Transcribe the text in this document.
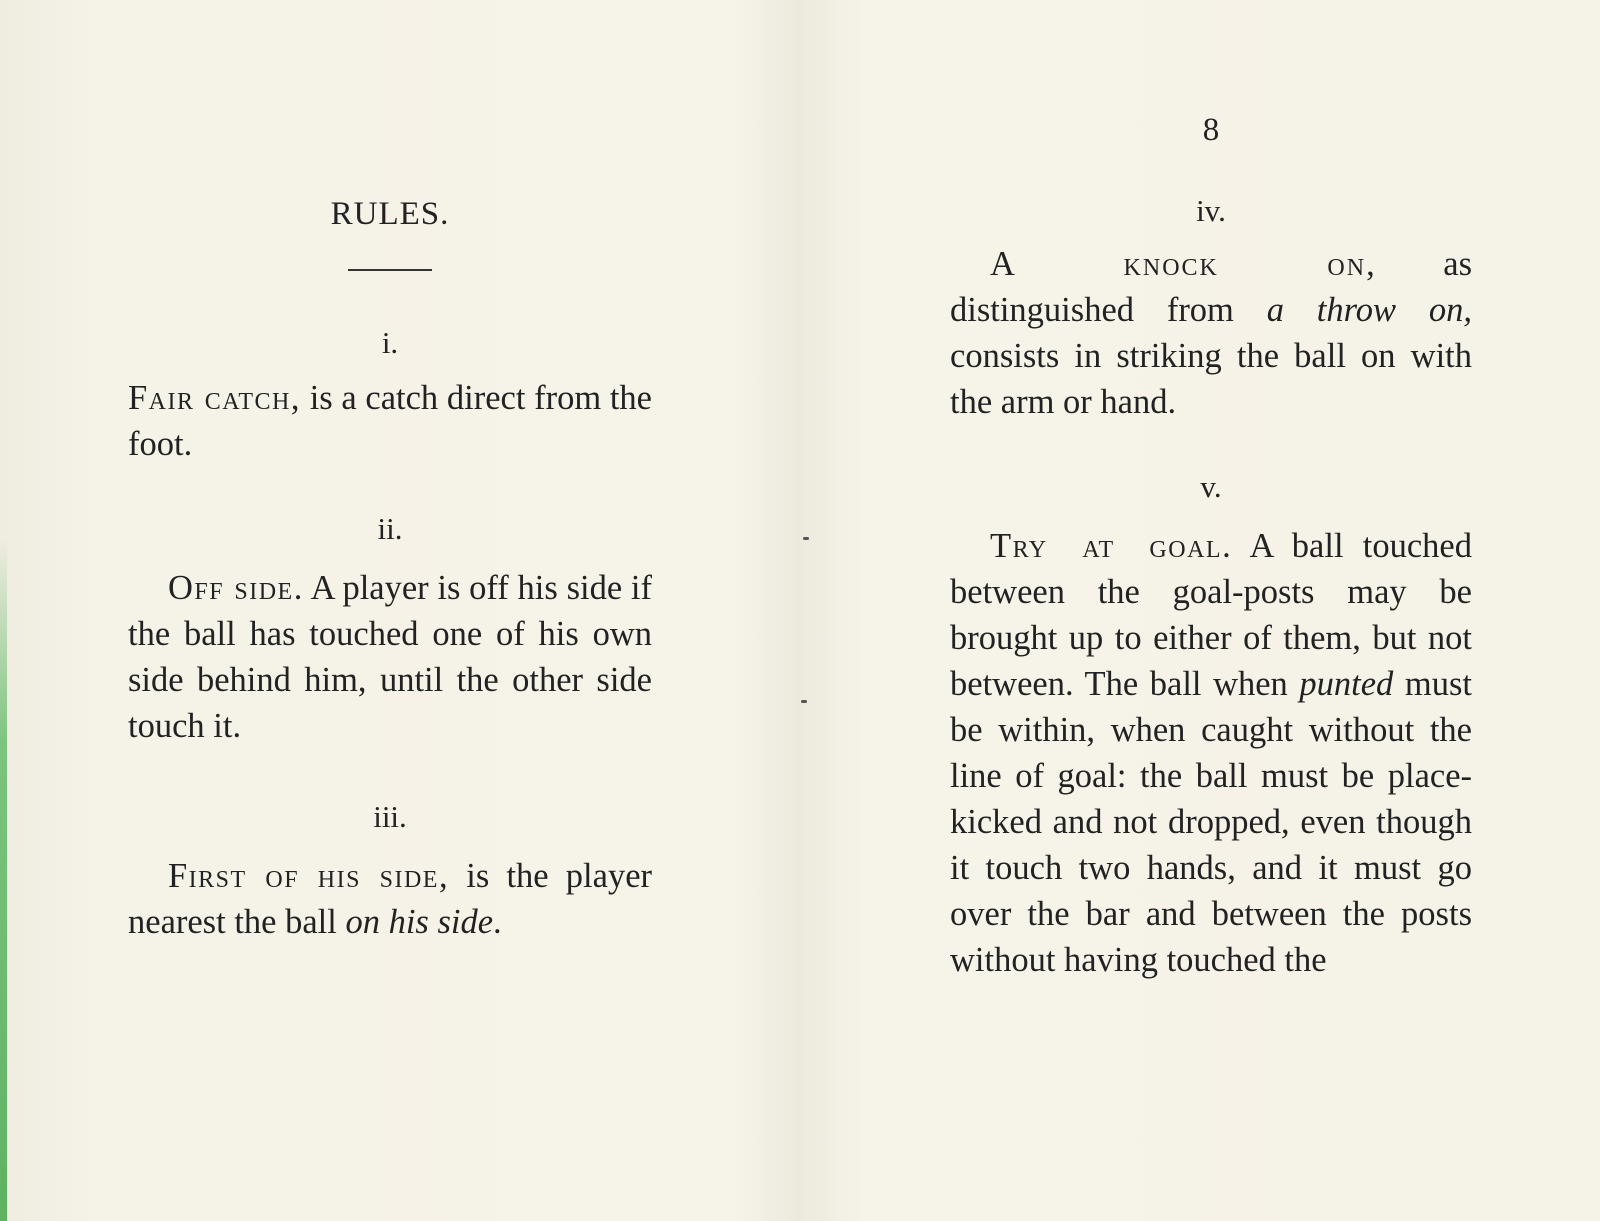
RULES.
i.

Fair catch, is a catch direct from the foot.

ii.

Off side. A player is off his side if the ball has touched one of his own side behind him, until the other side touch it.

iii.

First of his side, is the player nearest the ball on his side.

8
iv.

A knock on, as distinguished from a throw on, consists in striking the ball on with the arm or hand.

v.

Try at goal. A ball touched between the goal-posts may be brought up to either of them, but not between. The ball when punted must be within, when caught without the line of goal: the ball must be place-kicked and not dropped, even though it touch two hands, and it must go over the bar and between the posts without having touched the
